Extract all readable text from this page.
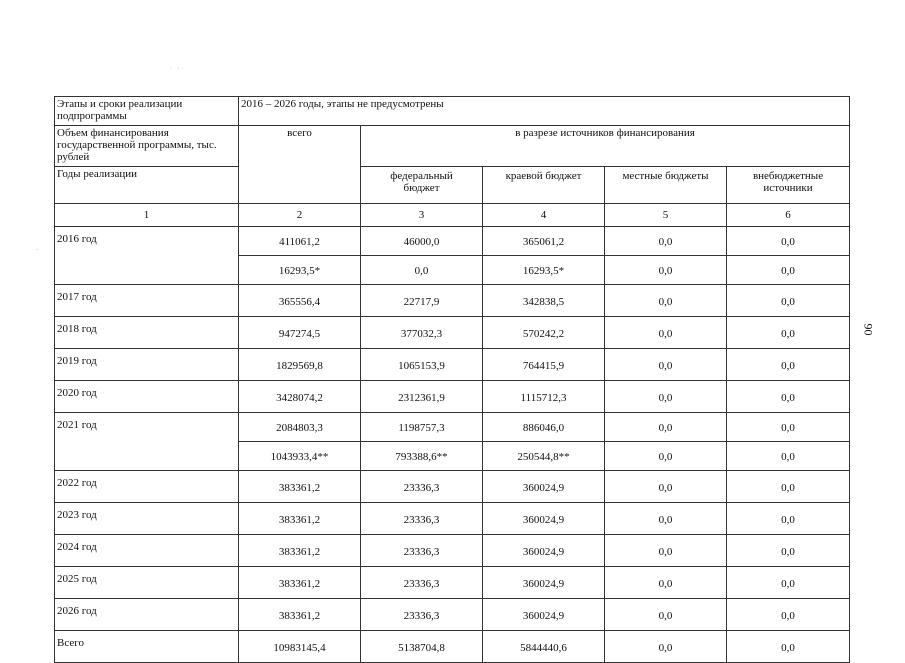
·   · ·
-
Этапы и сроки реализации подпрограммы	2016 – 2026 годы, этапы не предусмотрены				
Объем финансирования государственной программы, тыс. рублей	всего	в разрезе источников финансирования			
Годы реализации		федеральный бюджет	краевой бюджет	местные бюджеты	внебюджетные источники
1	2	3	4	5	6
2016 год	411061,2	46000,0	365061,2	0,0	0,0
	16293,5*	0,0	16293,5*	0,0	0,0
2017 год	365556,4	22717,9	342838,5	0,0	0,0
2018 год	947274,5	377032,3	570242,2	0,0	0,0
2019 год	1829569,8	1065153,9	764415,9	0,0	0,0
2020 год	3428074,2	2312361,9	1115712,3	0,0	0,0
2021 год	2084803,3	1198757,3	886046,0	0,0	0,0
	1043933,4**	793388,6**	250544,8**	0,0	0,0
2022 год	383361,2	23336,3	360024,9	0,0	0,0
2023 год	383361,2	23336,3	360024,9	0,0	0,0
2024 год	383361,2	23336,3	360024,9	0,0	0,0
2025 год	383361,2	23336,3	360024,9	0,0	0,0
2026 год	383361,2	23336,3	360024,9	0,0	0,0
Всего	10983145,4	5138704,8	5844440,6	0,0	0,0
90
